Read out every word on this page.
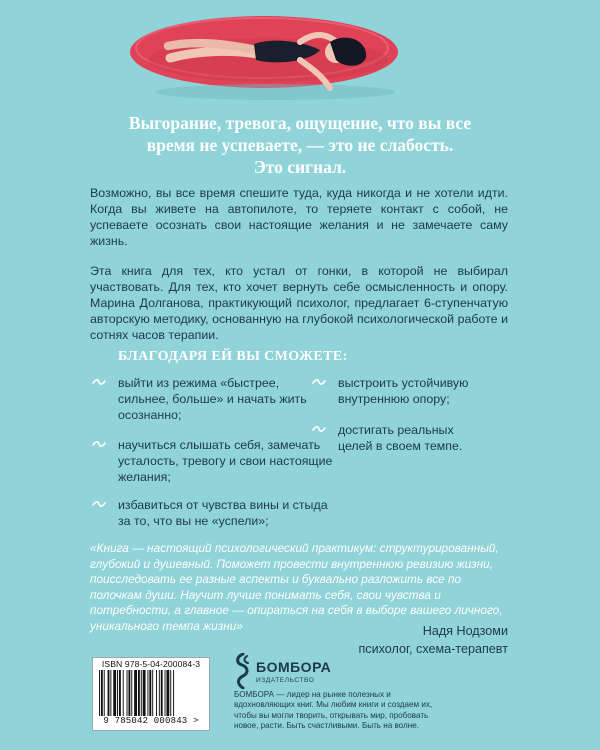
Выгорание, тревога, ощущение, что вы все
время не успеваете, — это не слабость.
Это сигнал.

Возможно, вы все время спешите туда, куда никогда и не хотели идти. Когда вы живете на автопилоте, то теряете контакт с собой, не успеваете осознать свои настоящие желания и не замечаете саму жизнь.

Эта книга для тех, кто устал от гонки, в которой не выбирал участвовать. Для тех, кто хочет вернуть себе осмысленность и опору. Марина Долганова, практикующий психолог, предлагает 6-ступенчатую авторскую методику, основанную на глубокой психологической работе и сотнях часов терапии.

БЛАГОДАРЯ ЕЙ ВЫ СМОЖЕТЕ:
выйти из режима «быстрее, сильнее, больше» и начать жить осознанно;
научиться слышать себя, замечать усталость, тревогу и свои настоящие желания;
избавиться от чувства вины и стыда за то, что вы не «успели»;
выстроить устойчивую внутреннюю опору;
достигать реальных целей в своем темпе.

«Книга — настоящий психологический практикум: структурированный, глубокий и душевный. Поможет провести внутреннюю ревизию жизни, поисследовать ее разные аспекты и буквально разложить все по полочкам души. Научит лучше понимать себя, свои чувства и потребности, а главное — опираться на себя в выборе вашего личного, уникального темпа жизни»	Надя Нодзоми
психолог, схема-терапевт
ISBN 978-5-04-200084-3
9 785042 000843 >
БОМБОРА
ИЗДАТЕЛЬСТВО

БОМБОРА — лидер на рынке полезных и вдохновляющих книг. Мы любим книги и создаем их, чтобы вы могли творить, открывать мир, пробовать новое, расти. Быть счастливыми. Быть на волне.
